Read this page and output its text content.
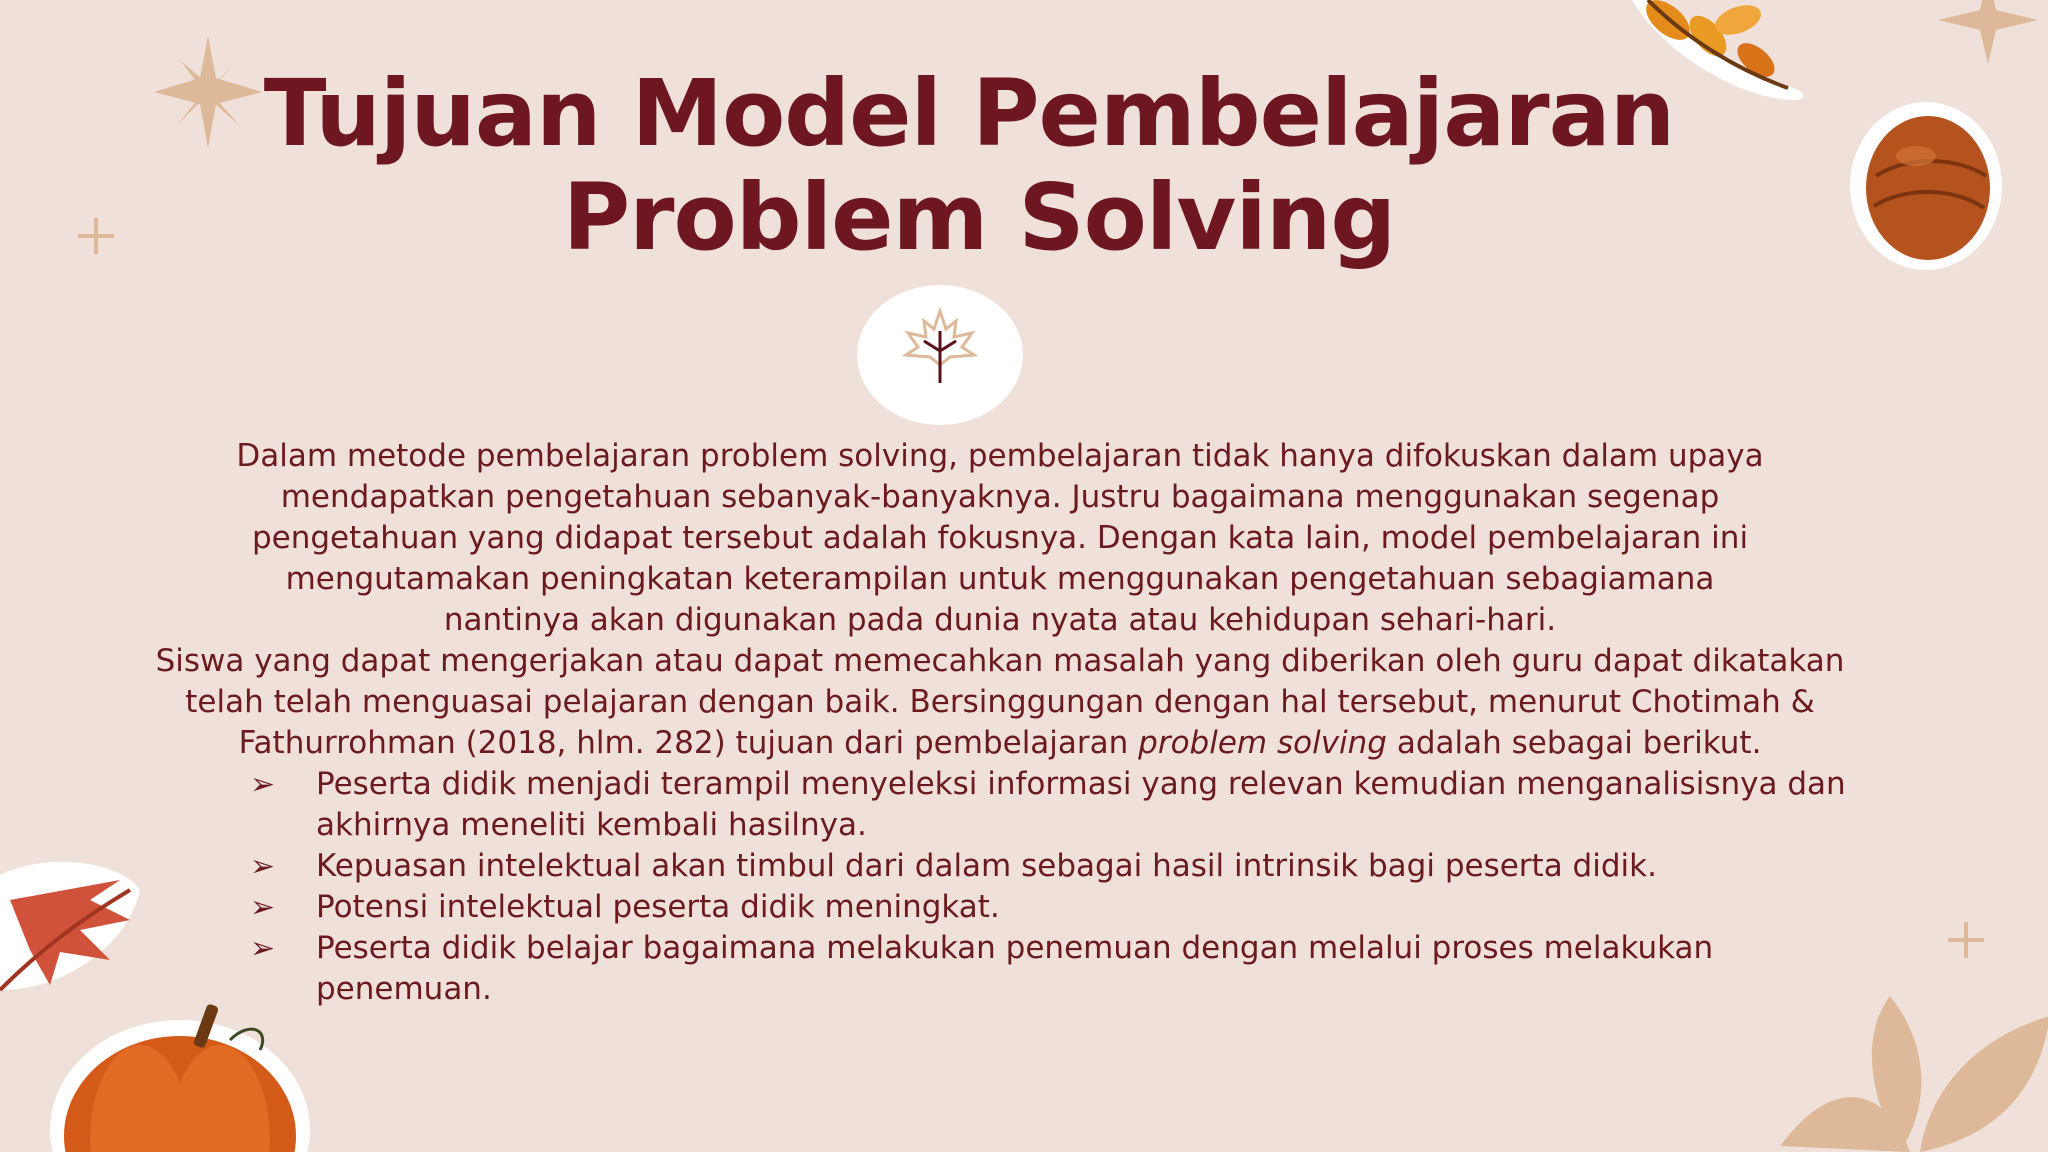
Tujuan Model Pembelajaran
Problem Solving

Dalam metode pembelajaran problem solving, pembelajaran tidak hanya difokuskan dalam upaya mendapatkan pengetahuan sebanyak-banyaknya. Justru bagaimana menggunakan segenap pengetahuan yang didapat tersebut adalah fokusnya. Dengan kata lain, model pembelajaran ini mengutamakan peningkatan keterampilan untuk menggunakan pengetahuan sebagiamana nantinya akan digunakan pada dunia nyata atau kehidupan sehari-hari.

Siswa yang dapat mengerjakan atau dapat memecahkan masalah yang diberikan oleh guru dapat dikatakan telah telah menguasai pelajaran dengan baik. Bersinggungan dengan hal tersebut, menurut Chotimah & Fathurrohman (2018, hlm. 282) tujuan dari pembelajaran problem solving adalah sebagai berikut.

➢ Peserta didik menjadi terampil menyeleksi informasi yang relevan kemudian menganalisisnya dan akhirnya meneliti kembali hasilnya.
➢ Kepuasan intelektual akan timbul dari dalam sebagai hasil intrinsik bagi peserta didik.
➢ Potensi intelektual peserta didik meningkat.
➢ Peserta didik belajar bagaimana melakukan penemuan dengan melalui proses melakukan penemuan.
